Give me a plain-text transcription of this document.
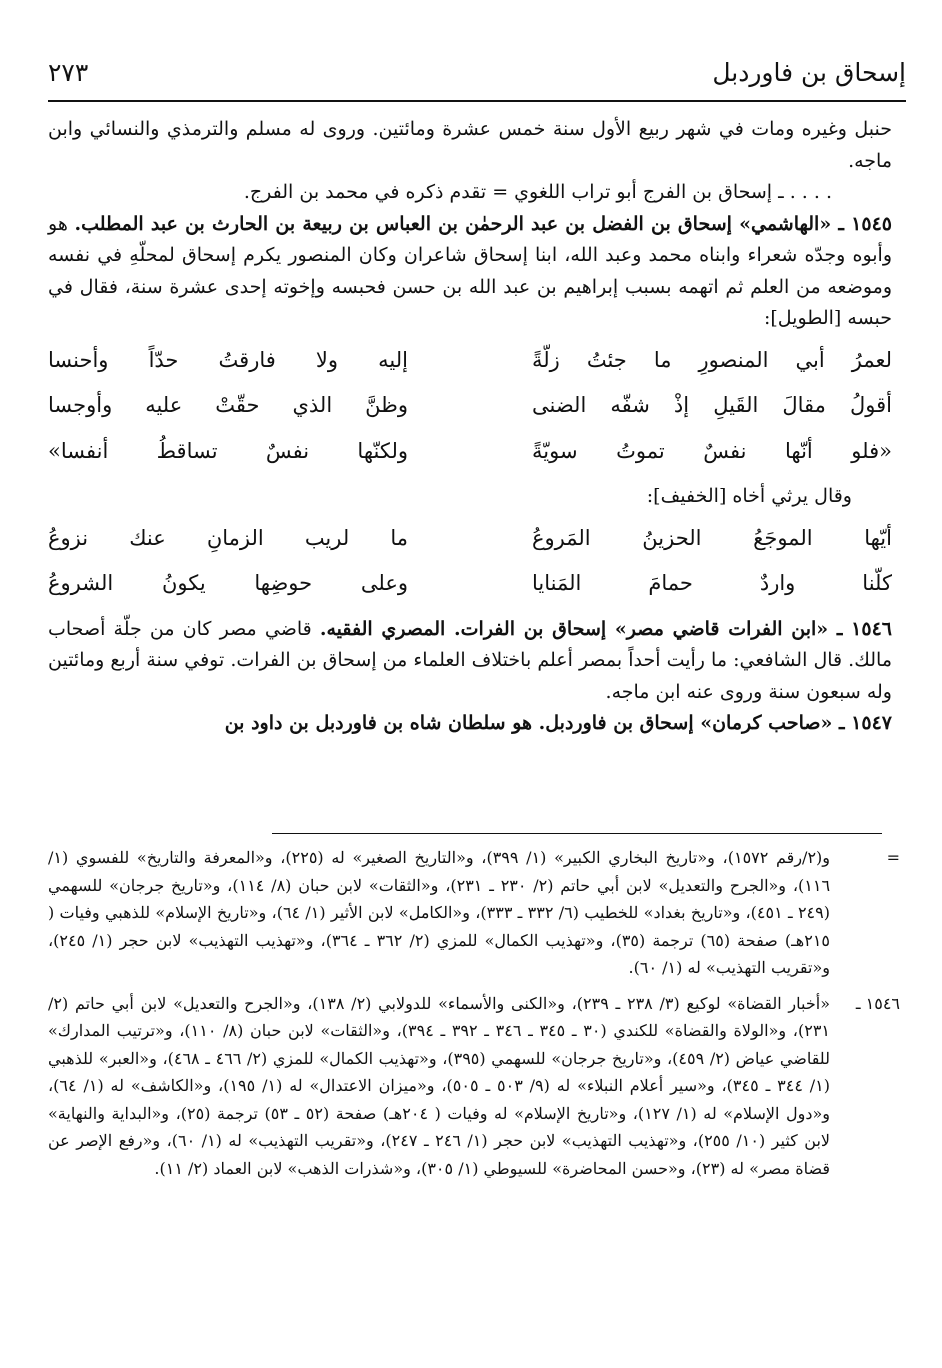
إسحاق بن فاوردبل
٢٧٣

حنبل وغيره ومات في شهر ربيع الأول سنة خمس عشرة ومائتين. وروى له مسلم والترمذي والنسائي وابن ماجه.

. . . . ـ إسحاق بن الفرج أبو تراب اللغوي = تقدم ذكره في محمد بن الفرج.

١٥٤٥ ـ «الهاشمي» إسحاق بن الفضل بن عبد الرحمٰن بن العباس بن ربيعة بن الحارث بن عبد المطلب. هو وأبوه وجدّه شعراء وابناه محمد وعبد الله، ابنا إسحاق شاعران وكان المنصور يكرم إسحاق لمحلّهِ في نفسه وموضعه من العلم ثم اتهمه بسبب إبراهيم بن عبد الله بن حسن فحبسه وإخوته إحدى عشرة سنة، فقال في حبسه [الطويل]:

لعمرُ أبي المنصورِ ما جئتُ زلّةً
إليه ولا فارقتُ حدّاً وأحنسا
أقولُ مقالَ القَيلِ إذْ شفّه الضنى
وظنَّ الذي حقّتْ عليه وأوجسا
«فلو أنّها نفسٌ تموتُ سويّةً
ولكنّها نفسٌ تساقطُ أنفسا»

وقال يرثي أخاه [الخفيف]:

أيّها الموجَعُ الحزينُ المَروعُ
ما لريب الزمانِ عنك نزوعُ
كلّنا واردٌ حمامَ المَنايا
وعلى حوضِها يكونُ الشروعُ

١٥٤٦ ـ «ابن الفرات قاضي مصر» إسحاق بن الفرات. المصري الفقيه. قاضي مصر كان من جلّة أصحاب مالك. قال الشافعي: ما رأيت أحداً بمصر أعلم باختلاف العلماء من إسحاق بن الفرات. توفي سنة أربع ومائتين وله سبعون سنة وروى عنه ابن ماجه.

١٥٤٧ ـ «صاحب كرمان» إسحاق بن فاوردبل. هو سلطان شاه بن فاوردبل بن داود بن

=
و(٢/رقم ١٥٧٢)، و«تاريخ البخاري الكبير» (١/ ٣٩٩)، و«التاريخ الصغير» له (٢٢٥)، و«المعرفة والتاريخ» للفسوي (١/ ١١٦)، و«الجرح والتعديل» لابن أبي حاتم (٢/ ٢٣٠ ـ ٢٣١)، و«الثقات» لابن حبان (٨/ ١١٤)، و«تاريخ جرجان» للسهمي (٢٤٩ ـ ٤٥١)، و«تاريخ بغداد» للخطيب (٦/ ٣٣٢ ـ ٣٣٣)، و«الكامل» لابن الأثير (١/ ٦٤)، و«تاريخ الإسلام» للذهبي وفيات ( ٢١٥هـ) صفحة (٦٥) ترجمة (٣٥)، و«تهذيب الكمال» للمزي (٢/ ٣٦٢ ـ ٣٦٤)، و«تهذيب التهذيب» لابن حجر (١/ ٢٤٥)، و«تقريب التهذيب» له (١/ ٦٠).
١٥٤٦ ـ
«أخبار القضاة» لوكيع (٣/ ٢٣٨ ـ ٢٣٩)، و«الكنى والأسماء» للدولابي (٢/ ١٣٨)، و«الجرح والتعديل» لابن أبي حاتم (٢/ ٢٣١)، و«الولاة والقضاة» للكندي (٣٠ ـ ٣٤٥ ـ ٣٤٦ ـ ٣٩٢ ـ ٣٩٤)، و«الثقات» لابن حبان (٨/ ١١٠)، و«ترتيب المدارك» للقاضي عياض (٢/ ٤٥٩)، و«تاريخ جرجان» للسهمي (٣٩٥)، و«تهذيب الكمال» للمزي (٢/ ٤٦٦ ـ ٤٦٨)، و«العبر» للذهبي (١/ ٣٤٤ ـ ٣٤٥)، و«سير أعلام النبلاء» له (٩/ ٥٠٣ ـ ٥٠٥)، و«ميزان الاعتدال» له (١/ ١٩٥)، و«الكاشف» له (١/ ٦٤)، و«دول الإسلام» له (١/ ١٢٧)، و«تاريخ الإسلام» له وفيات ( ٢٠٤هـ) صفحة (٥٢ ـ ٥٣) ترجمة (٢٥)، و«البداية والنهاية» لابن كثير (١٠/ ٢٥٥)، و«تهذيب التهذيب» لابن حجر (١/ ٢٤٦ ـ ٢٤٧)، و«تقريب التهذيب» له (١/ ٦٠)، و«رفع الإصر عن قضاة مصر» له (٢٣)، و«حسن المحاضرة» للسيوطي (١/ ٣٠٥)، و«شذرات الذهب» لابن العماد (٢/ ١١).
